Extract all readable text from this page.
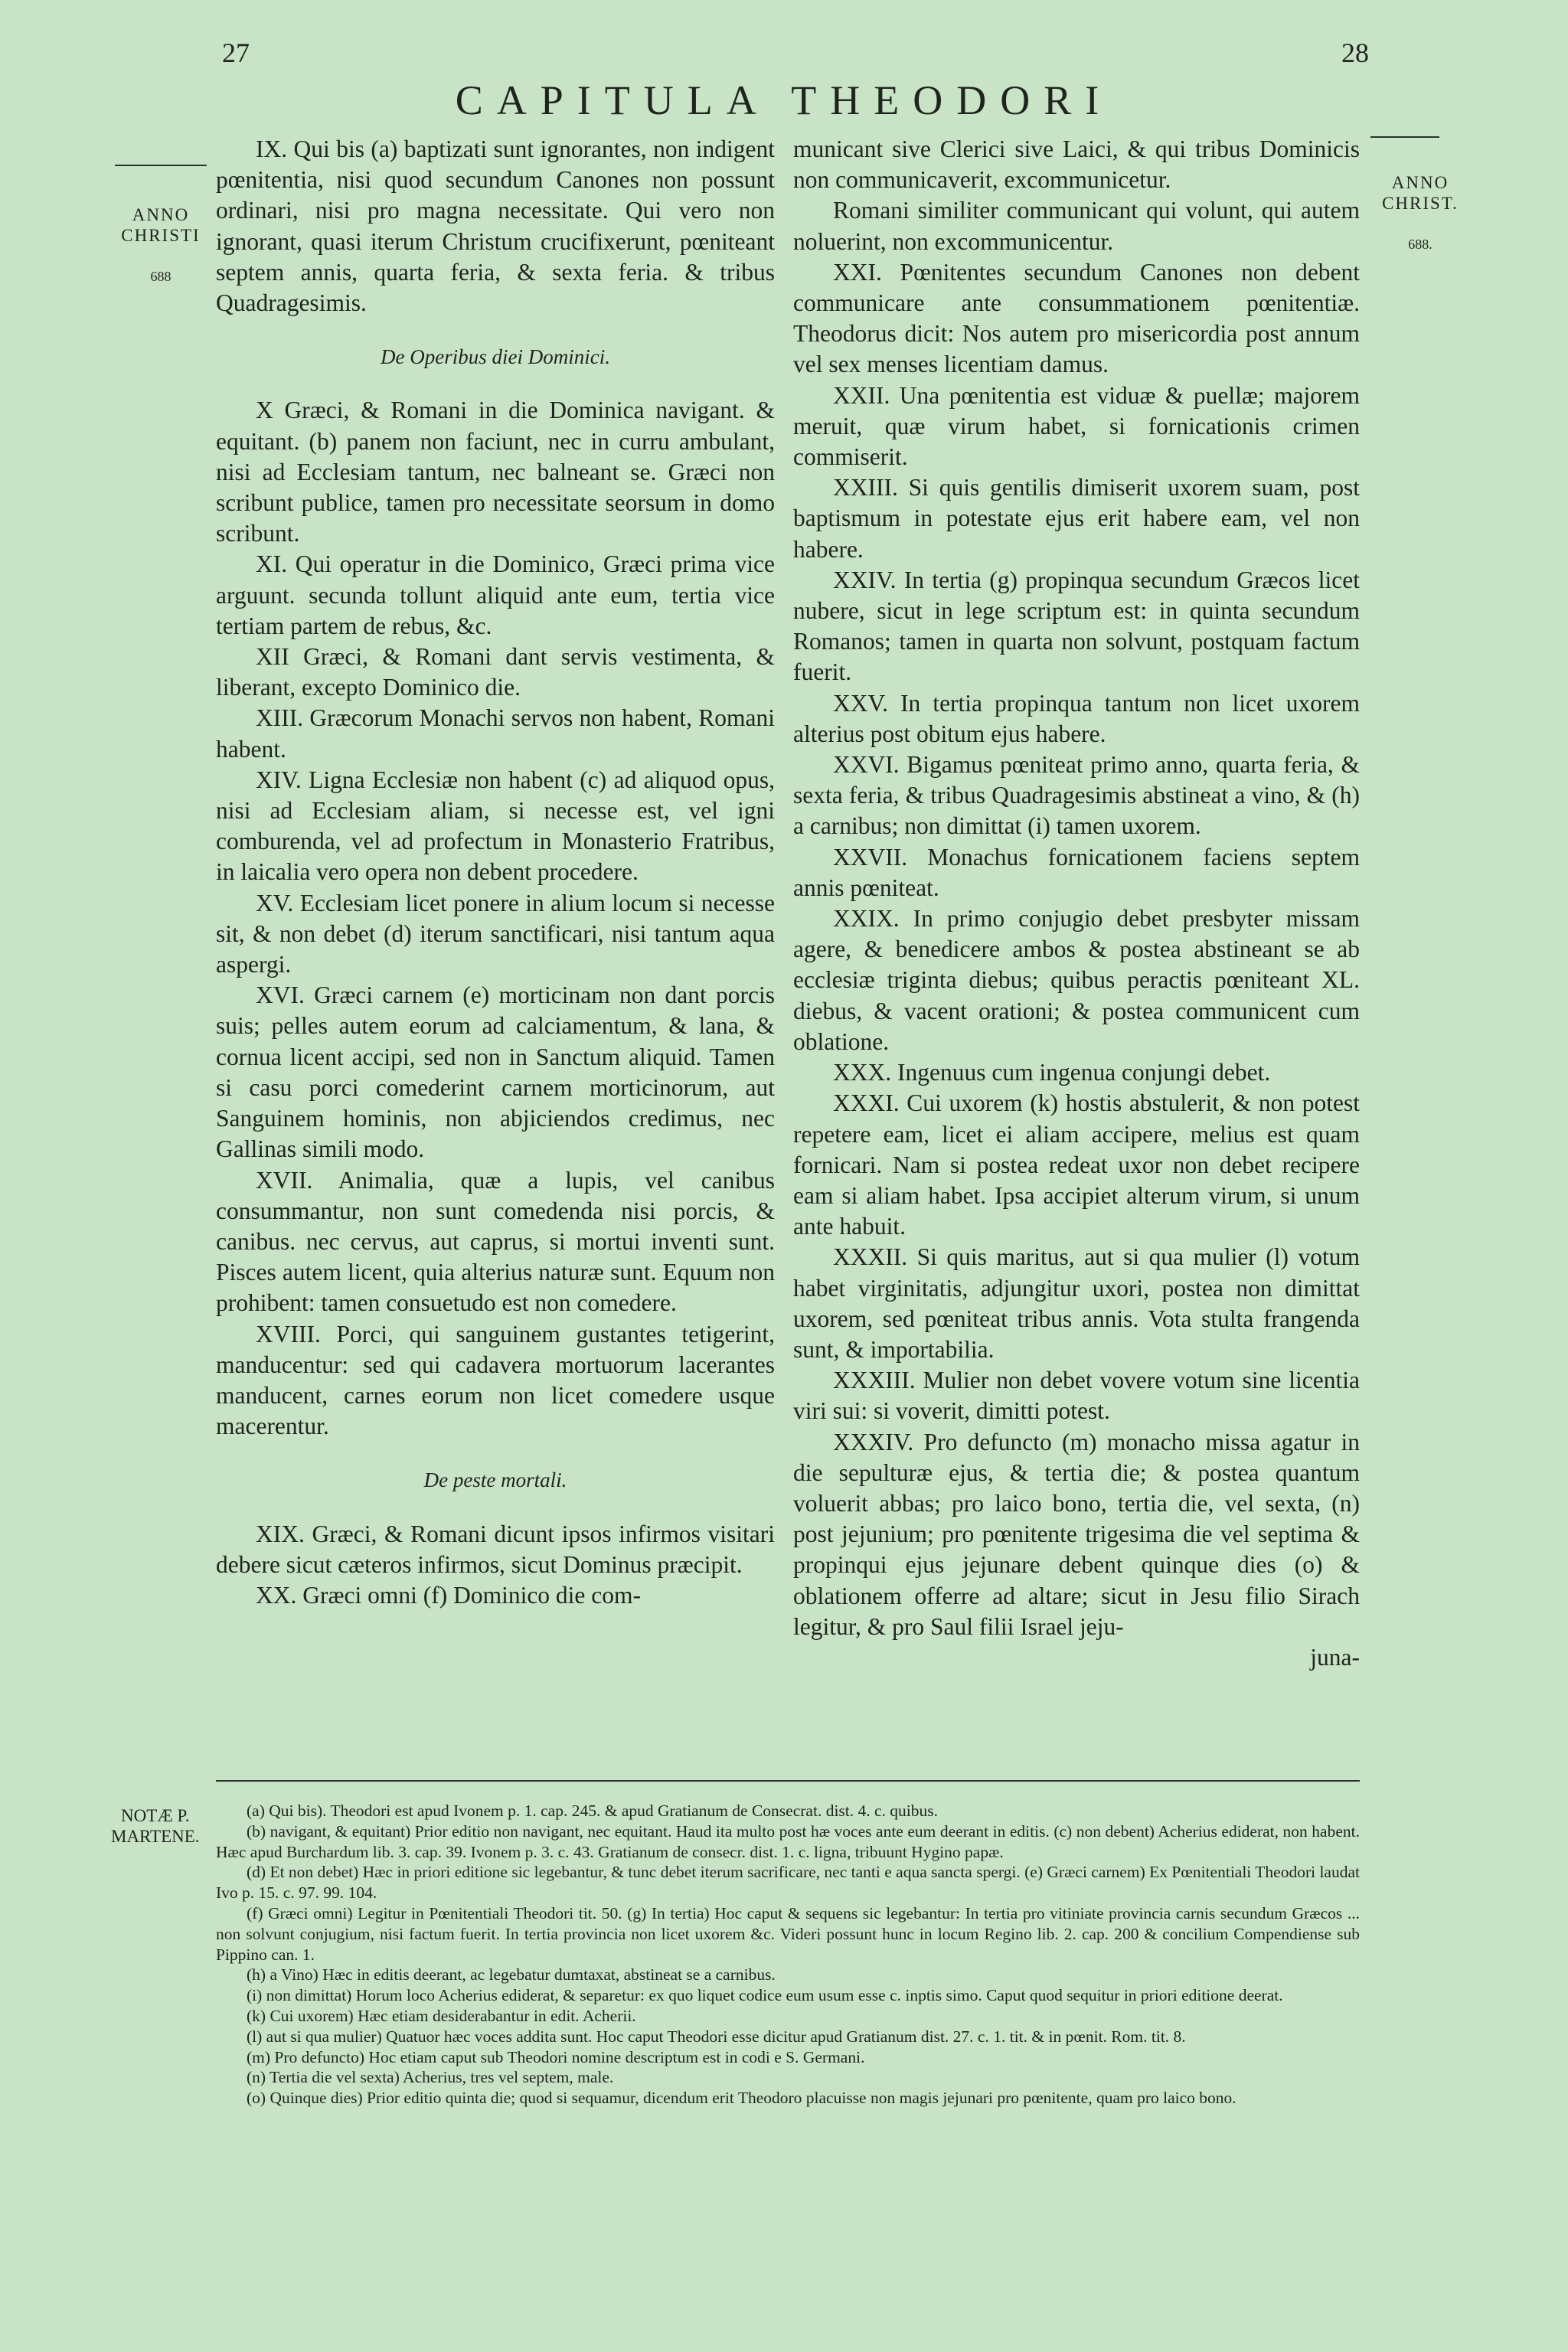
27	28
CAPITULA THEODORI

ANNO
CHRISTI

688

ANNO
CHRIST.

688.

IX. Qui bis (a) baptizati sunt ignorantes, non indigent pœnitentia, nisi quod secundum Canones non possunt ordinari, nisi pro magna necessitate. Qui vero non ignorant, quasi iterum Christum crucifixerunt, pœniteant septem annis, quarta feria, & sexta feria. & tribus Quadragesimis.

De Operibus diei Dominici.

X Græci, & Romani in die Dominica navigant. & equitant. (b) panem non faciunt, nec in curru ambulant, nisi ad Ecclesiam tantum, nec balneant se. Græci non scribunt publice, tamen pro necessitate seorsum in domo scribunt.

XI. Qui operatur in die Dominico, Græci prima vice arguunt. secunda tollunt aliquid ante eum, tertia vice tertiam partem de rebus, &c.

XII Græci, & Romani dant servis vestimenta, & liberant, excepto Dominico die.

XIII. Græcorum Monachi servos non habent, Romani habent.

XIV. Ligna Ecclesiæ non habent (c) ad aliquod opus, nisi ad Ecclesiam aliam, si necesse est, vel igni comburenda, vel ad profectum in Monasterio Fratribus, in laicalia vero opera non debent procedere.

XV. Ecclesiam licet ponere in alium locum si necesse sit, & non debet (d) iterum sanctificari, nisi tantum aqua aspergi.

XVI. Græci carnem (e) morticinam non dant porcis suis; pelles autem eorum ad calciamentum, & lana, & cornua licent accipi, sed non in Sanctum aliquid. Tamen si casu porci comederint carnem morticinorum, aut Sanguinem hominis, non abjiciendos credimus, nec Gallinas simili modo.

XVII. Animalia, quæ a lupis, vel canibus consummantur, non sunt comedenda nisi porcis, & canibus. nec cervus, aut caprus, si mortui inventi sunt. Pisces autem licent, quia alterius naturæ sunt. Equum non prohibent: tamen consuetudo est non comedere.

XVIII. Porci, qui sanguinem gustantes tetigerint, manducentur: sed qui cadavera mortuorum lacerantes manducent, carnes eorum non licet comedere usque macerentur.

De peste mortali.

XIX. Græci, & Romani dicunt ipsos infirmos visitari debere sicut cæteros infirmos, sicut Dominus præcipit.

XX. Græci omni (f) Dominico die com-

municant sive Clerici sive Laici, & qui tribus Dominicis non communicaverit, excommunicetur.

Romani similiter communicant qui volunt, qui autem noluerint, non excommunicentur.

XXI. Pœnitentes secundum Canones non debent communicare ante consummationem pœnitentiæ. Theodorus dicit: Nos autem pro misericordia post annum vel sex menses licentiam damus.

XXII. Una pœnitentia est viduæ & puellæ; majorem meruit, quæ virum habet, si fornicationis crimen commiserit.

XXIII. Si quis gentilis dimiserit uxorem suam, post baptismum in potestate ejus erit habere eam, vel non habere.

XXIV. In tertia (g) propinqua secundum Græcos licet nubere, sicut in lege scriptum est: in quinta secundum Romanos; tamen in quarta non solvunt, postquam factum fuerit.

XXV. In tertia propinqua tantum non licet uxorem alterius post obitum ejus habere.

XXVI. Bigamus pœniteat primo anno, quarta feria, & sexta feria, & tribus Quadragesimis abstineat a vino, & (h) a carnibus; non dimittat (i) tamen uxorem.

XXVII. Monachus fornicationem faciens septem annis pœniteat.

XXIX. In primo conjugio debet presbyter missam agere, & benedicere ambos & postea abstineant se ab ecclesiæ triginta diebus; quibus peractis pœniteant XL. diebus, & vacent orationi; & postea communicent cum oblatione.

XXX. Ingenuus cum ingenua conjungi debet.

XXXI. Cui uxorem (k) hostis abstulerit, & non potest repetere eam, licet ei aliam accipere, melius est quam fornicari. Nam si postea redeat uxor non debet recipere eam si aliam habet. Ipsa accipiet alterum virum, si unum ante habuit.

XXXII. Si quis maritus, aut si qua mulier (l) votum habet virginitatis, adjungitur uxori, postea non dimittat uxorem, sed pœniteat tribus annis. Vota stulta frangenda sunt, & importabilia.

XXXIII. Mulier non debet vovere votum sine licentia viri sui: si voverit, dimitti potest.

XXXIV. Pro defuncto (m) monacho missa agatur in die sepulturæ ejus, & tertia die; & postea quantum voluerit abbas; pro laico bono, tertia die, vel sexta, (n) post jejunium; pro pœnitente trigesima die vel septima & propinqui ejus jejunare debent quinque dies (o) & oblationem offerre ad altare; sicut in Jesu filio Sirach legitur, & pro Saul filii Israel jeju-

juna-

NOTÆ P.
MARTENE.

(a) Qui bis). Theodori est apud Ivonem p. 1. cap. 245. & apud Gratianum de Consecrat. dist. 4. c. quibus.

(b) navigant, & equitant) Prior editio non navigant, nec equitant. Haud ita multo post hæ voces ante eum deerant in editis. (c) non debent) Acherius ediderat, non habent. Hæc apud Burchardum lib. 3. cap. 39. Ivonem p. 3. c. 43. Gratianum de consecr. dist. 1. c. ligna, tribuunt Hygino papæ.

(d) Et non debet) Hæc in priori editione sic legebantur, & tunc debet iterum sacrificare, nec tanti e aqua sancta spergi. (e) Græci carnem) Ex Pœnitentiali Theodori laudat Ivo p. 15. c. 97. 99. 104.

(f) Græci omni) Legitur in Pœnitentiali Theodori tit. 50. (g) In tertia) Hoc caput & sequens sic legebantur: In tertia pro vitiniate provincia carnis secundum Græcos ... non solvunt conjugium, nisi factum fuerit. In tertia provincia non licet uxorem &c. Videri possunt hunc in locum Regino lib. 2. cap. 200 & concilium Compendiense sub Pippino can. 1.

(h) a Vino) Hæc in editis deerant, ac legebatur dumtaxat, abstineat se a carnibus.

(i) non dimittat) Horum loco Acherius ediderat, & separetur: ex quo liquet codice eum usum esse c. inptis simo. Caput quod sequitur in priori editione deerat.

(k) Cui uxorem) Hæc etiam desiderabantur in edit. Acherii.

(l) aut si qua mulier) Quatuor hæc voces addita sunt. Hoc caput Theodori esse dicitur apud Gratianum dist. 27. c. 1. tit. & in pœnit. Rom. tit. 8.

(m) Pro defuncto) Hoc etiam caput sub Theodori nomine descriptum est in codi e S. Germani.

(n) Tertia die vel sexta) Acherius, tres vel septem, male.

(o) Quinque dies) Prior editio quinta die; quod si sequamur, dicendum erit Theodoro placuisse non magis jejunari pro pœnitente, quam pro laico bono.
